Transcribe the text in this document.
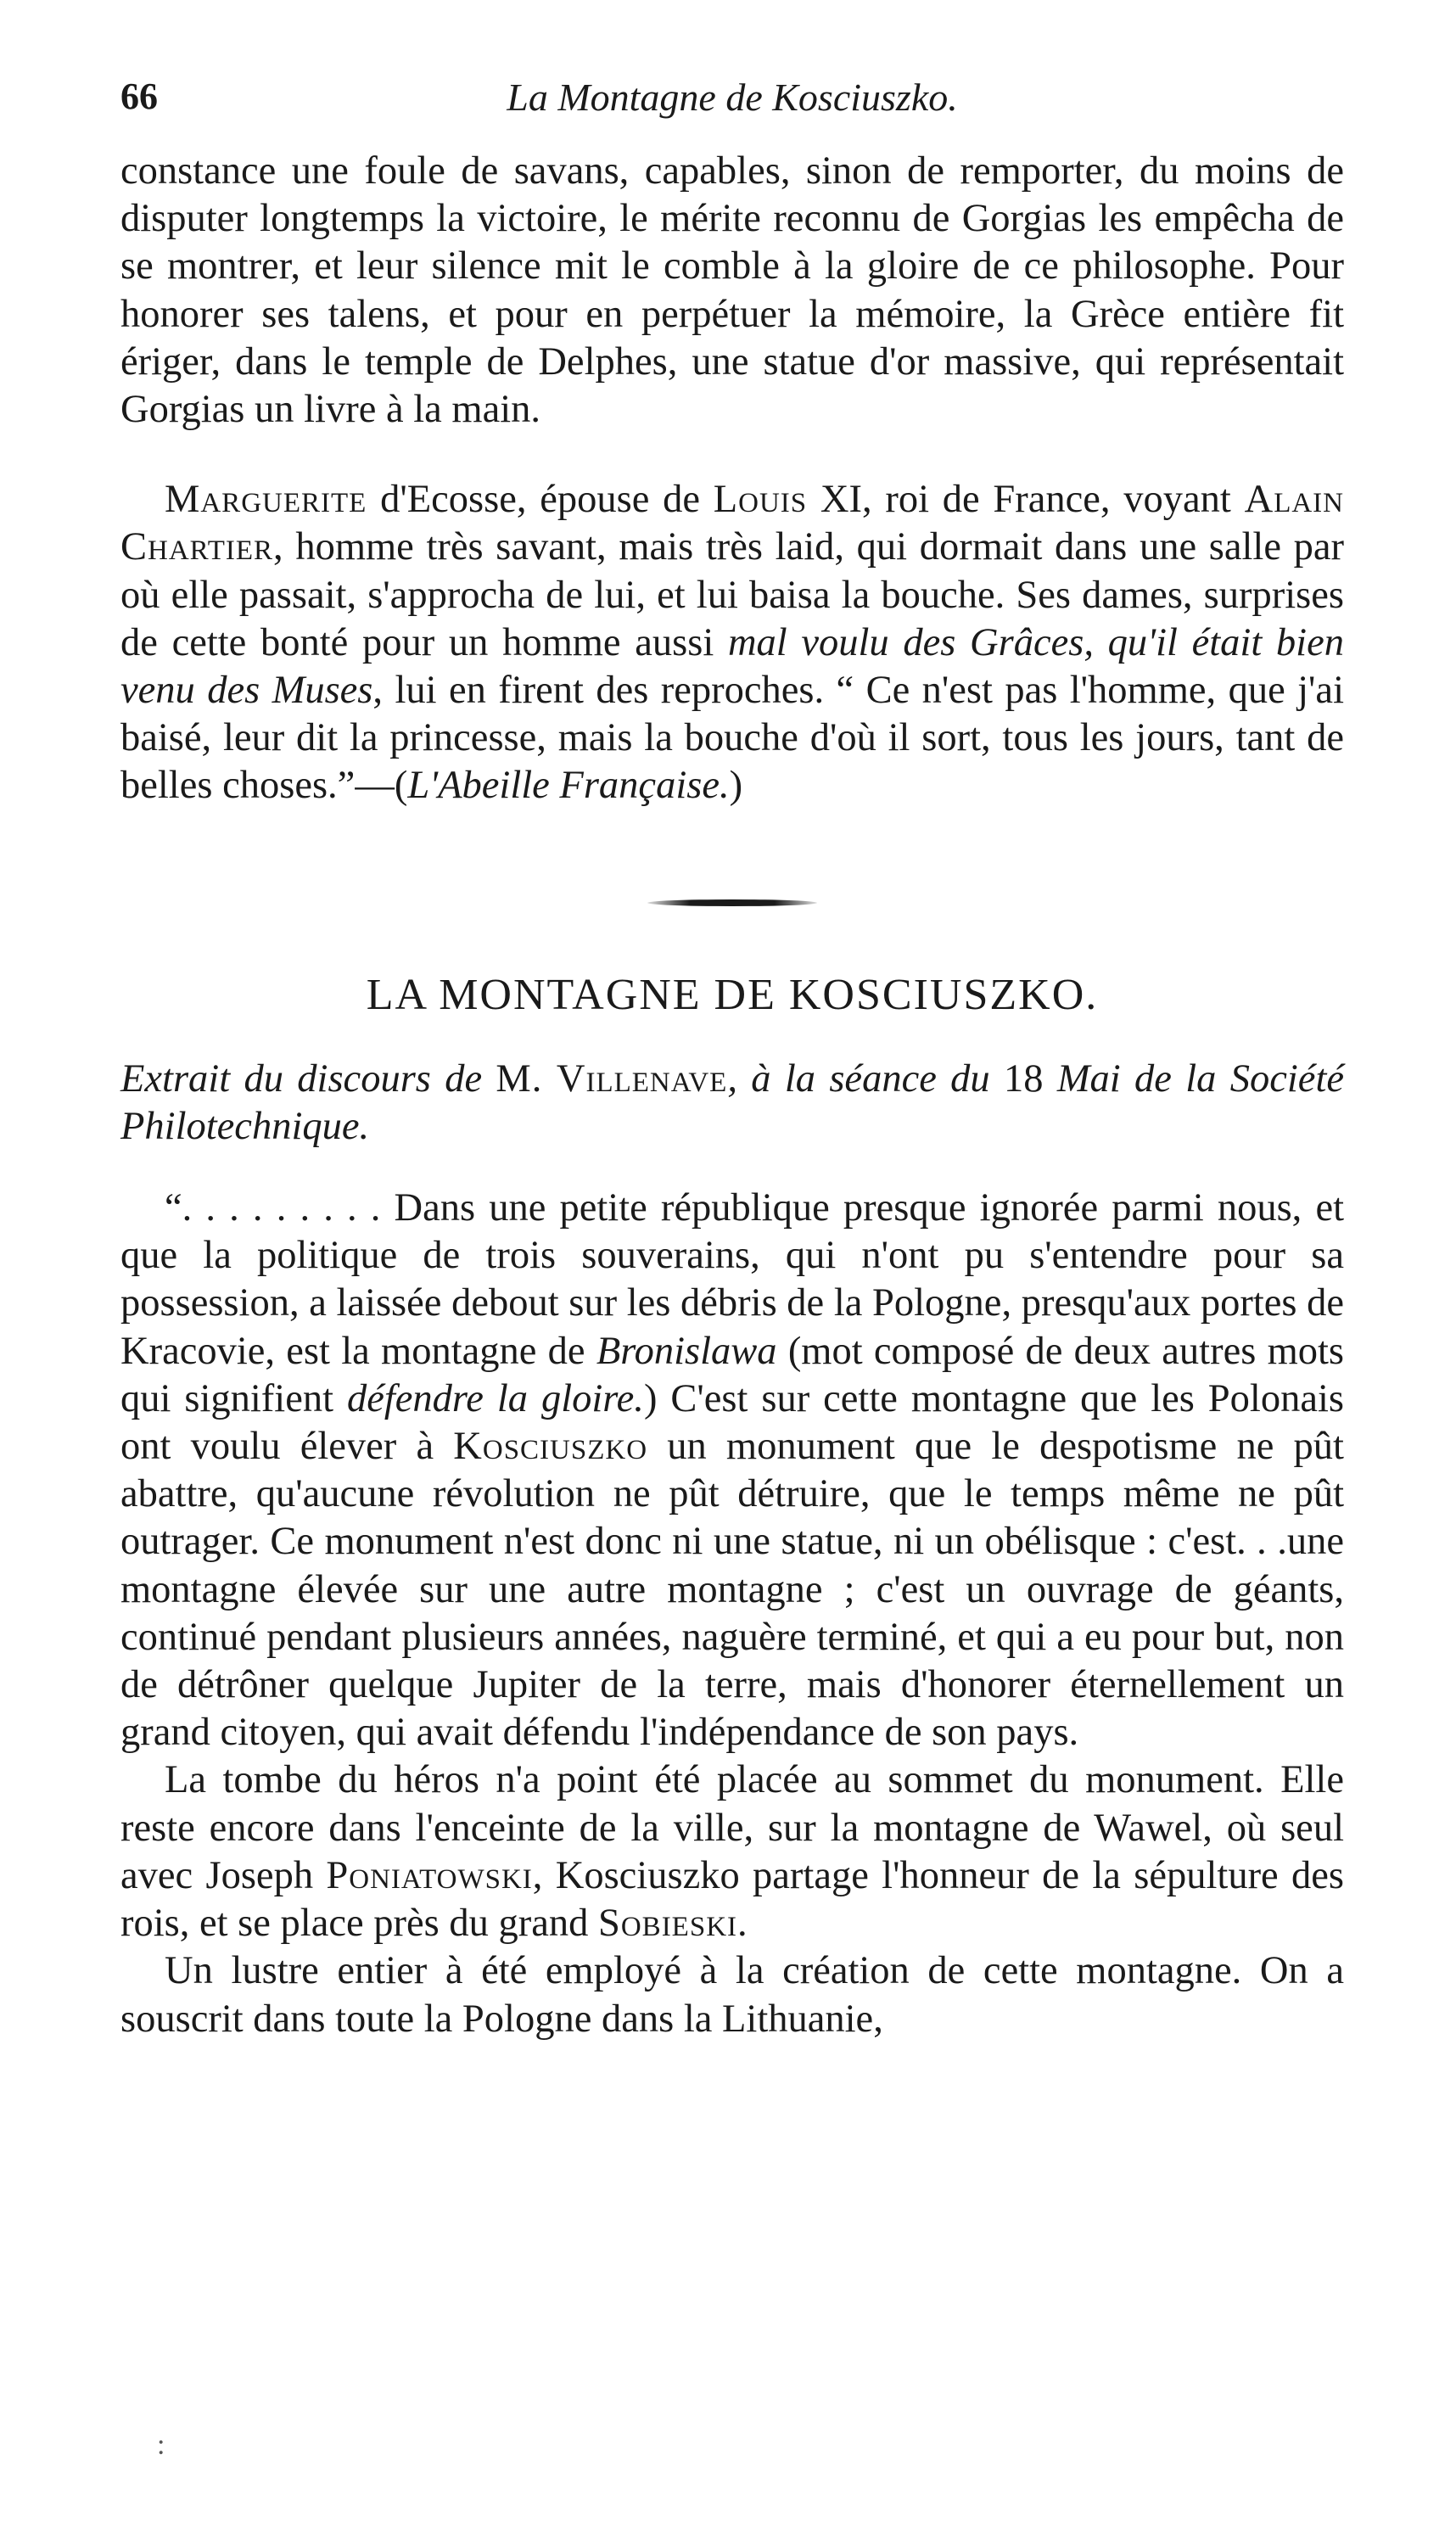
66	La Montagne de Kosciuszko.

constance une foule de savans, capables, sinon de remporter, du moins de disputer longtemps la victoire, le mérite reconnu de Gorgias les empêcha de se montrer, et leur silence mit le comble à la gloire de ce philosophe. Pour honorer ses talens, et pour en perpétuer la mémoire, la Grèce entière fit ériger, dans le temple de Delphes, une statue d'or massive, qui représentait Gorgias un livre à la main.

Marguerite d'Ecosse, épouse de Louis XI, roi de France, voyant Alain Chartier, homme très savant, mais très laid, qui dormait dans une salle par où elle passait, s'approcha de lui, et lui baisa la bouche. Ses dames, surprises de cette bonté pour un homme aussi mal voulu des Grâces, qu'il était bien venu des Muses, lui en firent des reproches. “ Ce n'est pas l'homme, que j'ai baisé, leur dit la princesse, mais la bouche d'où il sort, tous les jours, tant de belles choses.”—(L'Abeille Française.)

LA MONTAGNE DE KOSCIUSZKO.

Extrait du discours de M. Villenave, à la séance du 18 Mai de la Société Philotechnique.

“. . . . . . . . . Dans une petite république presque ignorée parmi nous, et que la politique de trois souverains, qui n'ont pu s'entendre pour sa possession, a laissée debout sur les débris de la Pologne, presqu'aux portes de Kracovie, est la montagne de Bronislawa (mot composé de deux autres mots qui signifient défendre la gloire.) C'est sur cette montagne que les Polonais ont voulu élever à Kosciuszko un monument que le despotisme ne pût abattre, qu'aucune révolution ne pût détruire, que le temps même ne pût outrager. Ce monument n'est donc ni une statue, ni un obélisque : c'est. . .une montagne élevée sur une autre montagne ; c'est un ouvrage de géants, continué pendant plusieurs années, naguère terminé, et qui a eu pour but, non de détrôner quelque Jupiter de la terre, mais d'honorer éternellement un grand citoyen, qui avait défendu l'indépendance de son pays.

La tombe du héros n'a point été placée au sommet du monument. Elle reste encore dans l'enceinte de la ville, sur la montagne de Wawel, où seul avec Joseph Poniatowski, Kosciuszko partage l'honneur de la sépulture des rois, et se place près du grand Sobieski.

Un lustre entier à été employé à la création de cette montagne. On a souscrit dans toute la Pologne dans la Lithuanie,

:
